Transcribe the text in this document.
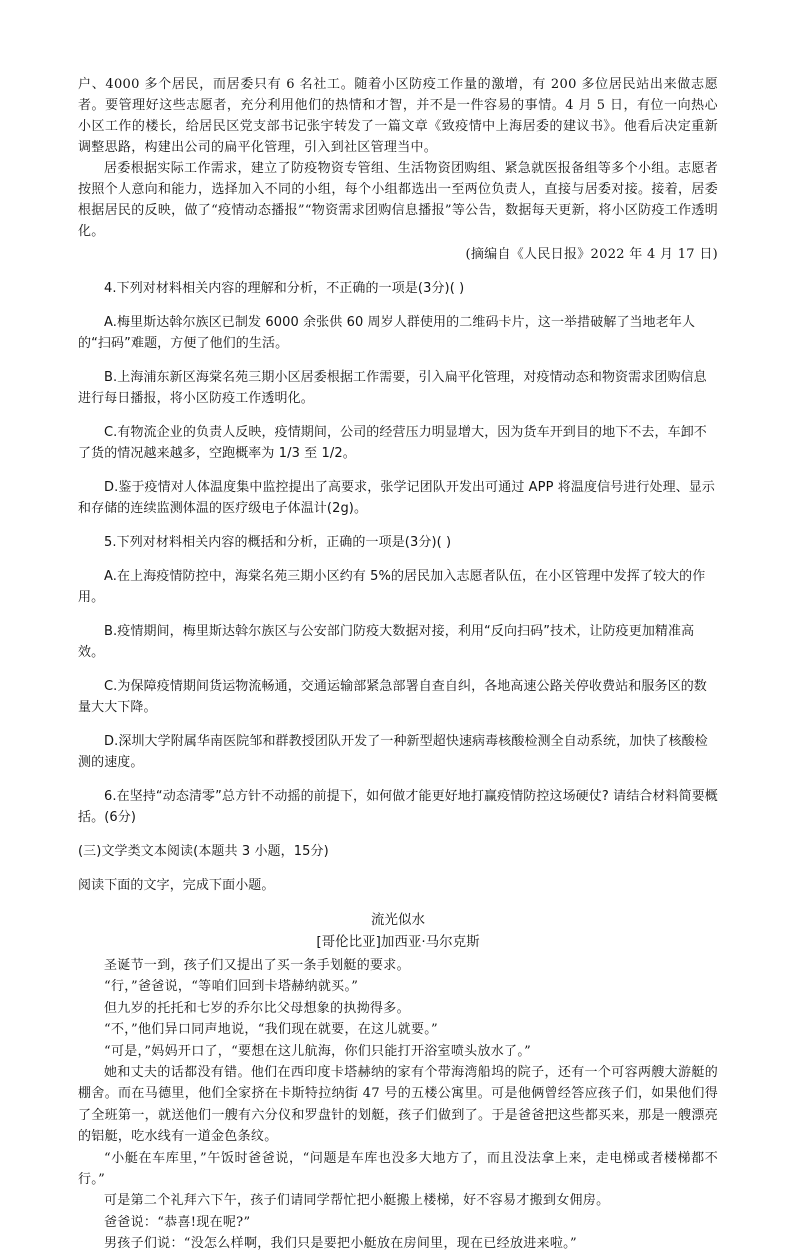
户、4000 多个居民，而居委只有 6 名社工。随着小区防疫工作量的激增，有 200 多位居民站出来做志愿者。要管理好这些志愿者，充分利用他们的热情和才智，并不是一件容易的事情。4 月 5 日，有位一向热心小区工作的楼长，给居民区党支部书记张宇转发了一篇文章《致疫情中上海居委的建议书》。他看后决定重新调整思路，构建出公司的扁平化管理，引入到社区管理当中。

居委根据实际工作需求，建立了防疫物资专管组、生活物资团购组、紧急就医报备组等多个小组。志愿者按照个人意向和能力，选择加入不同的小组，每个小组都选出一至两位负责人，直接与居委对接。接着，居委根据居民的反映，做了“疫情动态播报”“物资需求团购信息播报”等公告，数据每天更新，将小区防疫工作透明化。

(摘编自《人民日报》2022 年 4 月 17 日)

4.下列对材料相关内容的理解和分析，不正确的一项是(3分)( )

A.梅里斯达斡尔族区已制发 6000 余张供 60 周岁人群使用的二维码卡片，这一举措破解了当地老年人的“扫码”难题，方便了他们的生活。

B.上海浦东新区海棠名苑三期小区居委根据工作需要，引入扁平化管理，对疫情动态和物资需求团购信息进行每日播报，将小区防疫工作透明化。

C.有物流企业的负责人反映，疫情期间，公司的经营压力明显增大，因为货车开到目的地下不去，车卸不了货的情况越来越多，空跑概率为 1/3 至 1/2。

D.鉴于疫情对人体温度集中监控提出了高要求，张学记团队开发出可通过 APP 将温度信号进行处理、显示和存储的连续监测体温的医疗级电子体温计(2g)。

5.下列对材料相关内容的概括和分析，正确的一项是(3分)( )

A.在上海疫情防控中，海棠名苑三期小区约有 5%的居民加入志愿者队伍，在小区管理中发挥了较大的作用。

B.疫情期间，梅里斯达斡尔族区与公安部门防疫大数据对接，利用“反向扫码”技术，让防疫更加精准高效。

C.为保障疫情期间货运物流畅通，交通运输部紧急部署自查自纠，各地高速公路关停收费站和服务区的数量大大下降。

D.深圳大学附属华南医院邹和群教授团队开发了一种新型超快速病毒核酸检测全自动系统，加快了核酸检测的速度。

6.在坚持“动态清零”总方针不动摇的前提下，如何做才能更好地打赢疫情防控这场硬仗? 请结合材料简要概括。(6分)

(三)文学类文本阅读(本题共 3 小题，15分)

阅读下面的文字，完成下面小题。

流光似水
[哥伦比亚]加西亚·马尔克斯

圣诞节一到，孩子们又提出了买一条手划艇的要求。

“行，”爸爸说，“等咱们回到卡塔赫纳就买。”

但九岁的托托和七岁的乔尔比父母想象的执拗得多。

“不，”他们异口同声地说，“我们现在就要，在这儿就要。”

“可是，”妈妈开口了，“要想在这儿航海，你们只能打开浴室喷头放水了。”

她和丈夫的话都没有错。他们在西印度卡塔赫纳的家有个带海湾船坞的院子，还有一个可容两艘大游艇的棚舍。而在马德里，他们全家挤在卡斯特拉纳街 47 号的五楼公寓里。可是他俩曾经答应孩子们，如果他们得了全班第一，就送他们一艘有六分仪和罗盘针的划艇，孩子们做到了。于是爸爸把这些都买来，那是一艘漂亮的铝艇，吃水线有一道金色条纹。

“小艇在车库里，”午饭时爸爸说，“问题是车库也没多大地方了，而且没法拿上来，走电梯或者楼梯都不行。”

可是第二个礼拜六下午，孩子们请同学帮忙把小艇搬上楼梯，好不容易才搬到女佣房。

爸爸说：“恭喜!现在呢?”

男孩子们说：“没怎么样啊，我们只是要把小艇放在房间里，现在已经放进来啦。”
